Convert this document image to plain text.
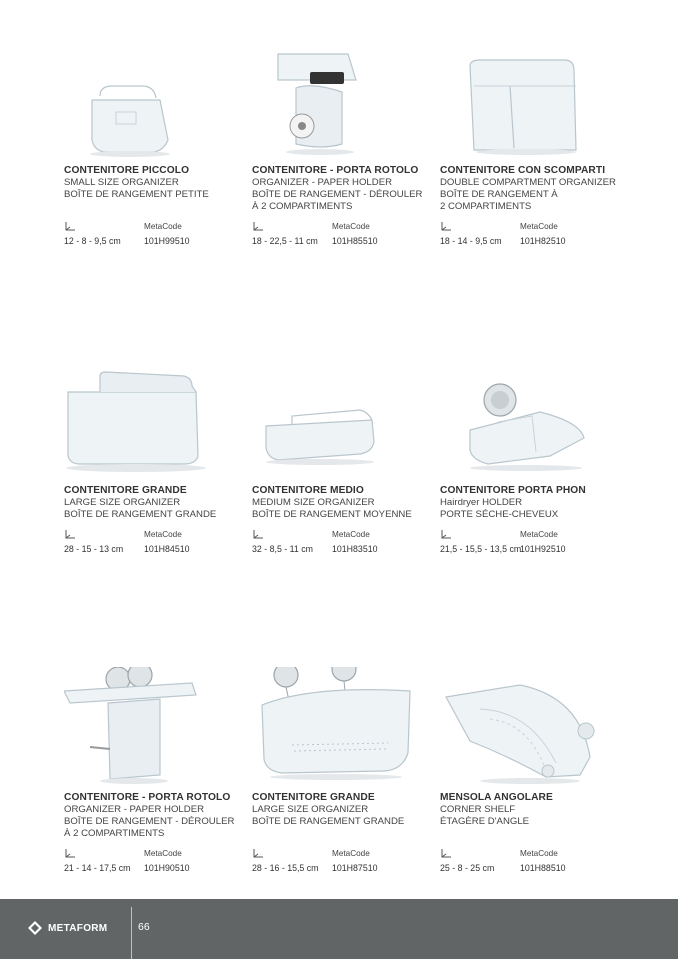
CONTENITORE PICCOLO
SMALL SIZE ORGANIZER
BOÎTE DE RANGEMENT PETITE
MetaCode
12 - 8 - 9,5 cm	101H99510
CONTENITORE - PORTA ROTOLO
ORGANIZER - PAPER HOLDER
BOÎTE DE RANGEMENT - DÉROULER
À 2 COMPARTIMENTS
MetaCode
18 - 22,5 - 11 cm 101H85510
CONTENITORE CON SCOMPARTI
DOUBLE COMPARTMENT ORGANIZER
BOÎTE DE RANGEMENT À
2 COMPARTIMENTS
MetaCode
18 - 14 - 9,5 cm 101H82510
CONTENITORE GRANDE
LARGE SIZE ORGANIZER
BOÎTE DE RANGEMENT GRANDE
MetaCode
28 - 15 - 13 cm 101H84510
CONTENITORE MEDIO
MEDIUM SIZE ORGANIZER
BOÎTE DE RANGEMENT MOYENNE
MetaCode
32 - 8,5 - 11 cm 101H83510
CONTENITORE PORTA PHON
Hairdryer HOLDER
PORTE SÉCHE-CHEVEUX
MetaCode
21,5 - 15,5 - 13,5 cm
101H92510
CONTENITORE - PORTA ROTOLO
ORGANIZER - PAPER HOLDER
BOÎTE DE RANGEMENT - DÉROULER
À 2 COMPARTIMENTS
MetaCode
21 - 14 - 17,5 cm 101H90510
CONTENITORE GRANDE
LARGE SIZE ORGANIZER
BOÎTE DE RANGEMENT GRANDE
MetaCode
28 - 16 - 15,5 cm 101H87510
MENSOLA ANGOLARE
CORNER SHELF
ÉTAGÈRE D'ANGLE
MetaCode
25 - 8 - 25 cm	101H88510
METAFORM	66
